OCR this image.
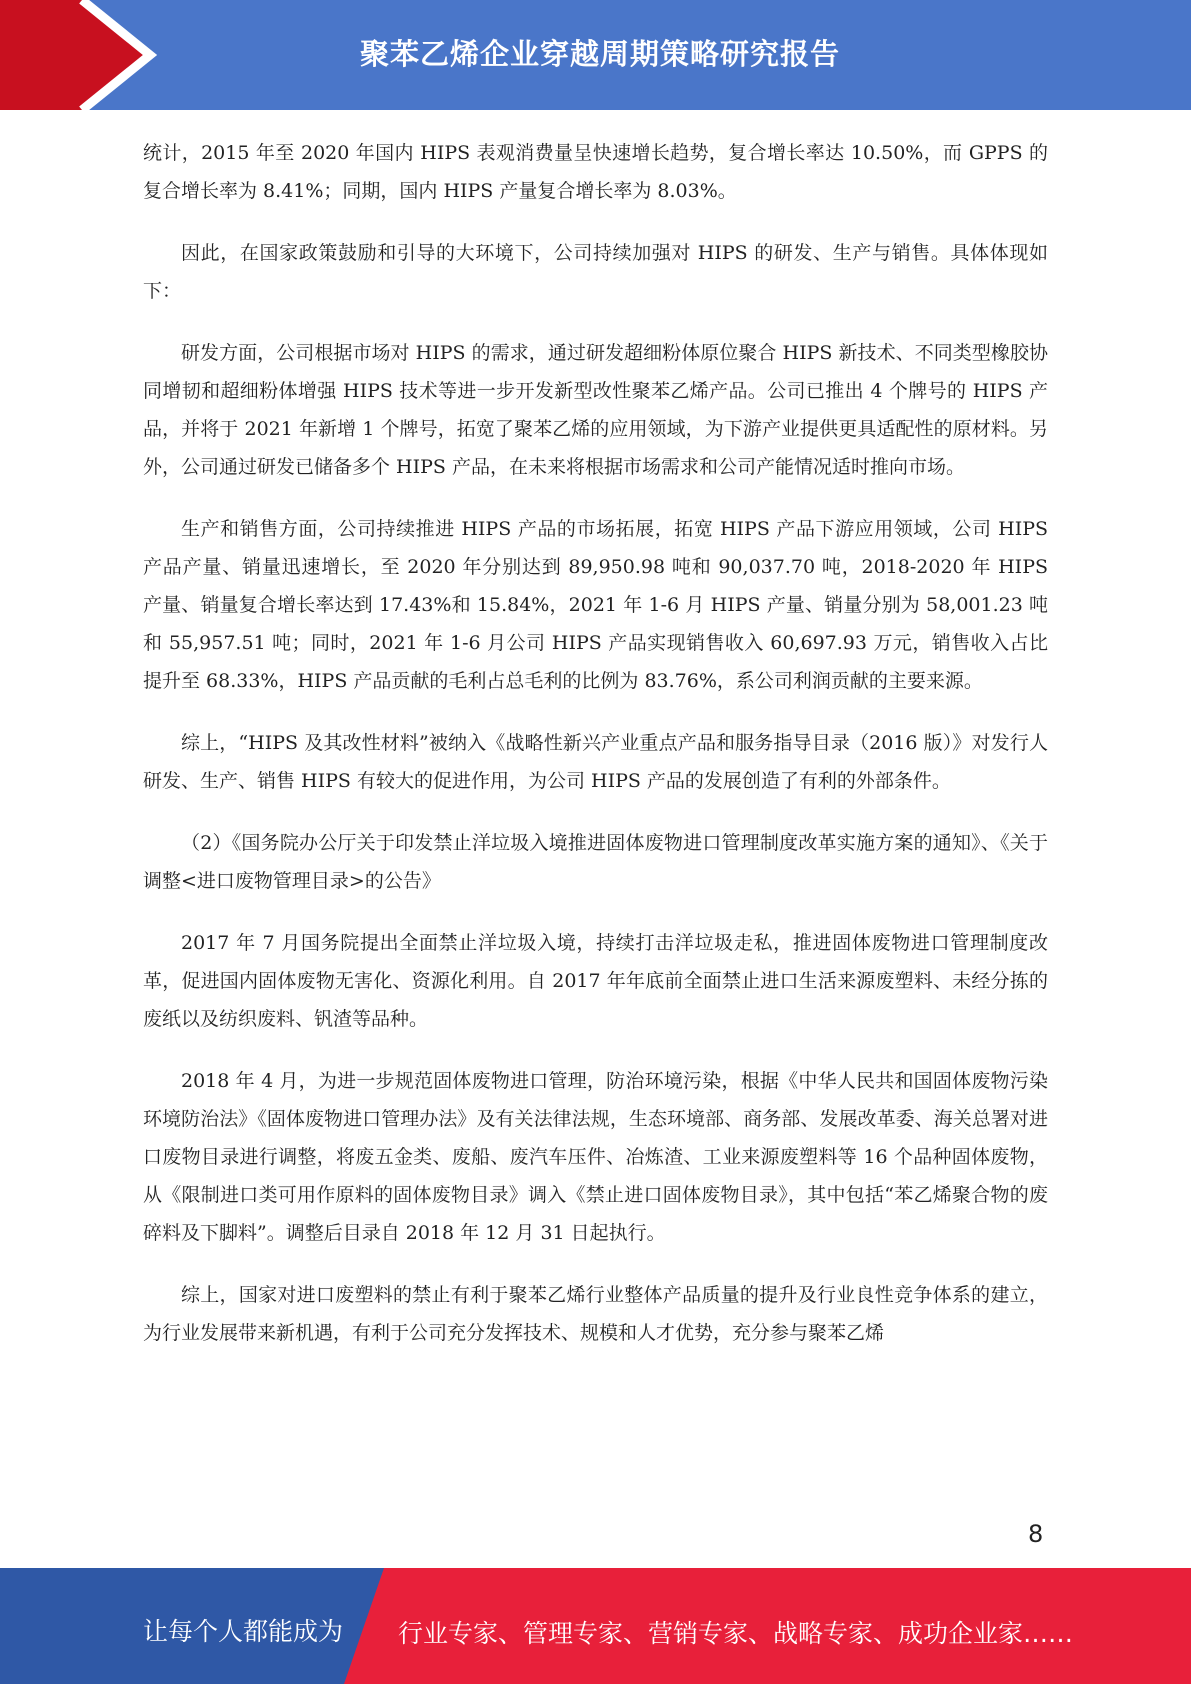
聚苯乙烯企业穿越周期策略研究报告

统计，2015 年至 2020 年国内 HIPS 表观消费量呈快速增长趋势，复合增长率达 10.50%，而 GPPS 的复合增长率为 8.41%；同期，国内 HIPS 产量复合增长率为 8.03%。

因此，在国家政策鼓励和引导的大环境下，公司持续加强对 HIPS 的研发、生产与销售。具体体现如下：

研发方面，公司根据市场对 HIPS 的需求，通过研发超细粉体原位聚合 HIPS 新技术、不同类型橡胶协同增韧和超细粉体增强 HIPS 技术等进一步开发新型改性聚苯乙烯产品。公司已推出 4 个牌号的 HIPS 产品，并将于 2021 年新增 1 个牌号，拓宽了聚苯乙烯的应用领域，为下游产业提供更具适配性的原材料。另外，公司通过研发已储备多个 HIPS 产品，在未来将根据市场需求和公司产能情况适时推向市场。

生产和销售方面，公司持续推进 HIPS 产品的市场拓展，拓宽 HIPS 产品下游应用领域，公司 HIPS 产品产量、销量迅速增长，至 2020 年分别达到 89,950.98 吨和 90,037.70 吨，2018-2020 年 HIPS 产量、销量复合增长率达到 17.43%和 15.84%，2021 年 1-6 月 HIPS 产量、销量分别为 58,001.23 吨和 55,957.51 吨；同时，2021 年 1-6 月公司 HIPS 产品实现销售收入 60,697.93 万元，销售收入占比提升至 68.33%，HIPS 产品贡献的毛利占总毛利的比例为 83.76%，系公司利润贡献的主要来源。

综上，“HIPS 及其改性材料”被纳入《战略性新兴产业重点产品和服务指导目录（2016 版）》对发行人研发、生产、销售 HIPS 有较大的促进作用，为公司 HIPS 产品的发展创造了有利的外部条件。

（2）《国务院办公厅关于印发禁止洋垃圾入境推进固体废物进口管理制度改革实施方案的通知》、《关于调整<进口废物管理目录>的公告》

2017 年 7 月国务院提出全面禁止洋垃圾入境，持续打击洋垃圾走私，推进固体废物进口管理制度改革，促进国内固体废物无害化、资源化利用。自 2017 年年底前全面禁止进口生活来源废塑料、未经分拣的废纸以及纺织废料、钒渣等品种。

2018 年 4 月，为进一步规范固体废物进口管理，防治环境污染，根据《中华人民共和国固体废物污染环境防治法》《固体废物进口管理办法》及有关法律法规，生态环境部、商务部、发展改革委、海关总署对进口废物目录进行调整，将废五金类、废船、废汽车压件、冶炼渣、工业来源废塑料等 16 个品种固体废物，从《限制进口类可用作原料的固体废物目录》调入《禁止进口固体废物目录》，其中包括“苯乙烯聚合物的废碎料及下脚料”。调整后目录自 2018 年 12 月 31 日起执行。

综上，国家对进口废塑料的禁止有利于聚苯乙烯行业整体产品质量的提升及行业良性竞争体系的建立，为行业发展带来新机遇，有利于公司充分发挥技术、规模和人才优势，充分参与聚苯乙烯

8
让每个人都能成为 行业专家、管理专家、营销专家、战略专家、成功企业家……
